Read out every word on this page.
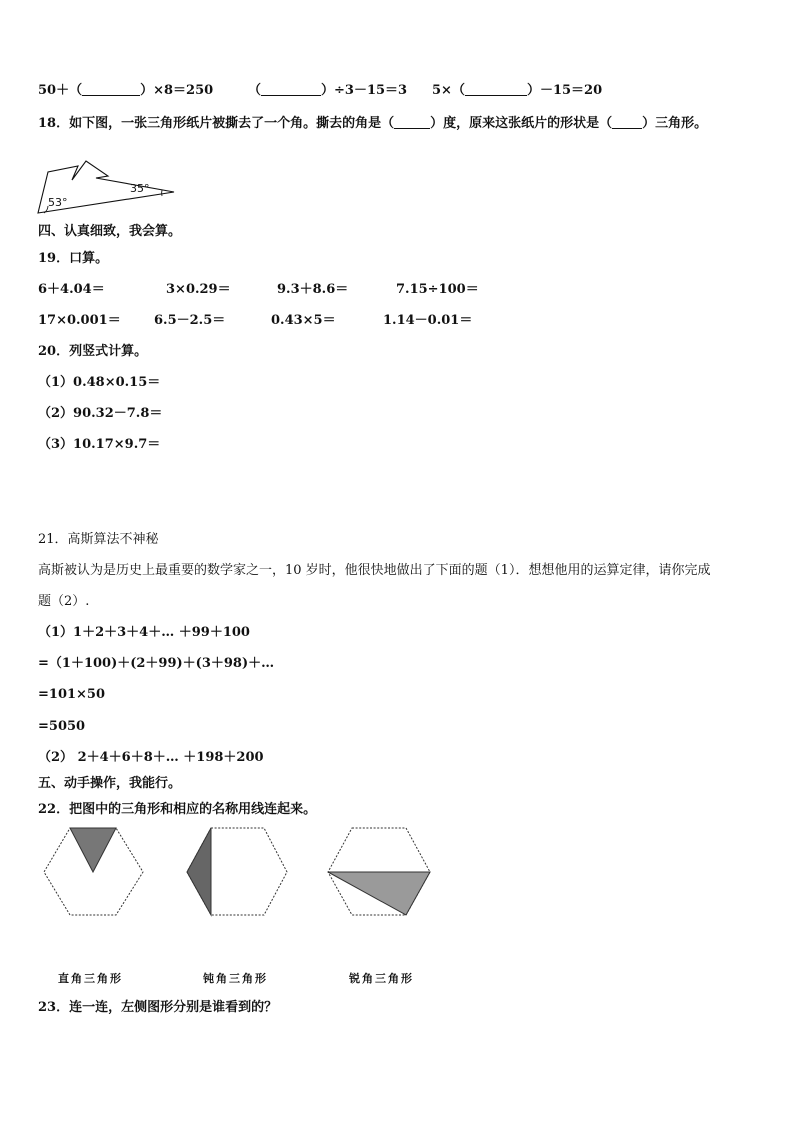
50＋（	）×8＝250	（	）÷3－15＝3 5×（	）－15＝20
18．如下图，一张三角形纸片被撕去了一个角。撕去的角是（	）度，原来这张纸片的形状是（ ）三角形。
53°
35°
四、认真细致，我会算。
19．口算。
6＋4.04＝	3×0.29＝	9.3＋8.6＝	7.15÷100＝
17×0.001＝	6.5－2.5＝	0.43×5＝	1.14－0.01＝
20．列竖式计算。
（1）0.48×0.15＝
（2）90.32－7.8＝
（3）10.17×9.7＝
21．高斯算法不神秘
高斯被认为是历史上最重要的数学家之一，10 岁时，他很快地做出了下面的题（1）．想想他用的运算定律，请你完成
题（2）.
（1）1＋2＋3＋4＋… ＋99＋100
=（1＋100)＋(2＋99)＋(3＋98)＋…
=101×50
=5050
（2） 2＋4＋6＋8＋… ＋198＋200
五、动手操作，我能行。
22．把图中的三角形和相应的名称用线连起来。
直角三角形	钝角三角形	锐角三角形
23．连一连，左侧图形分别是谁看到的？
